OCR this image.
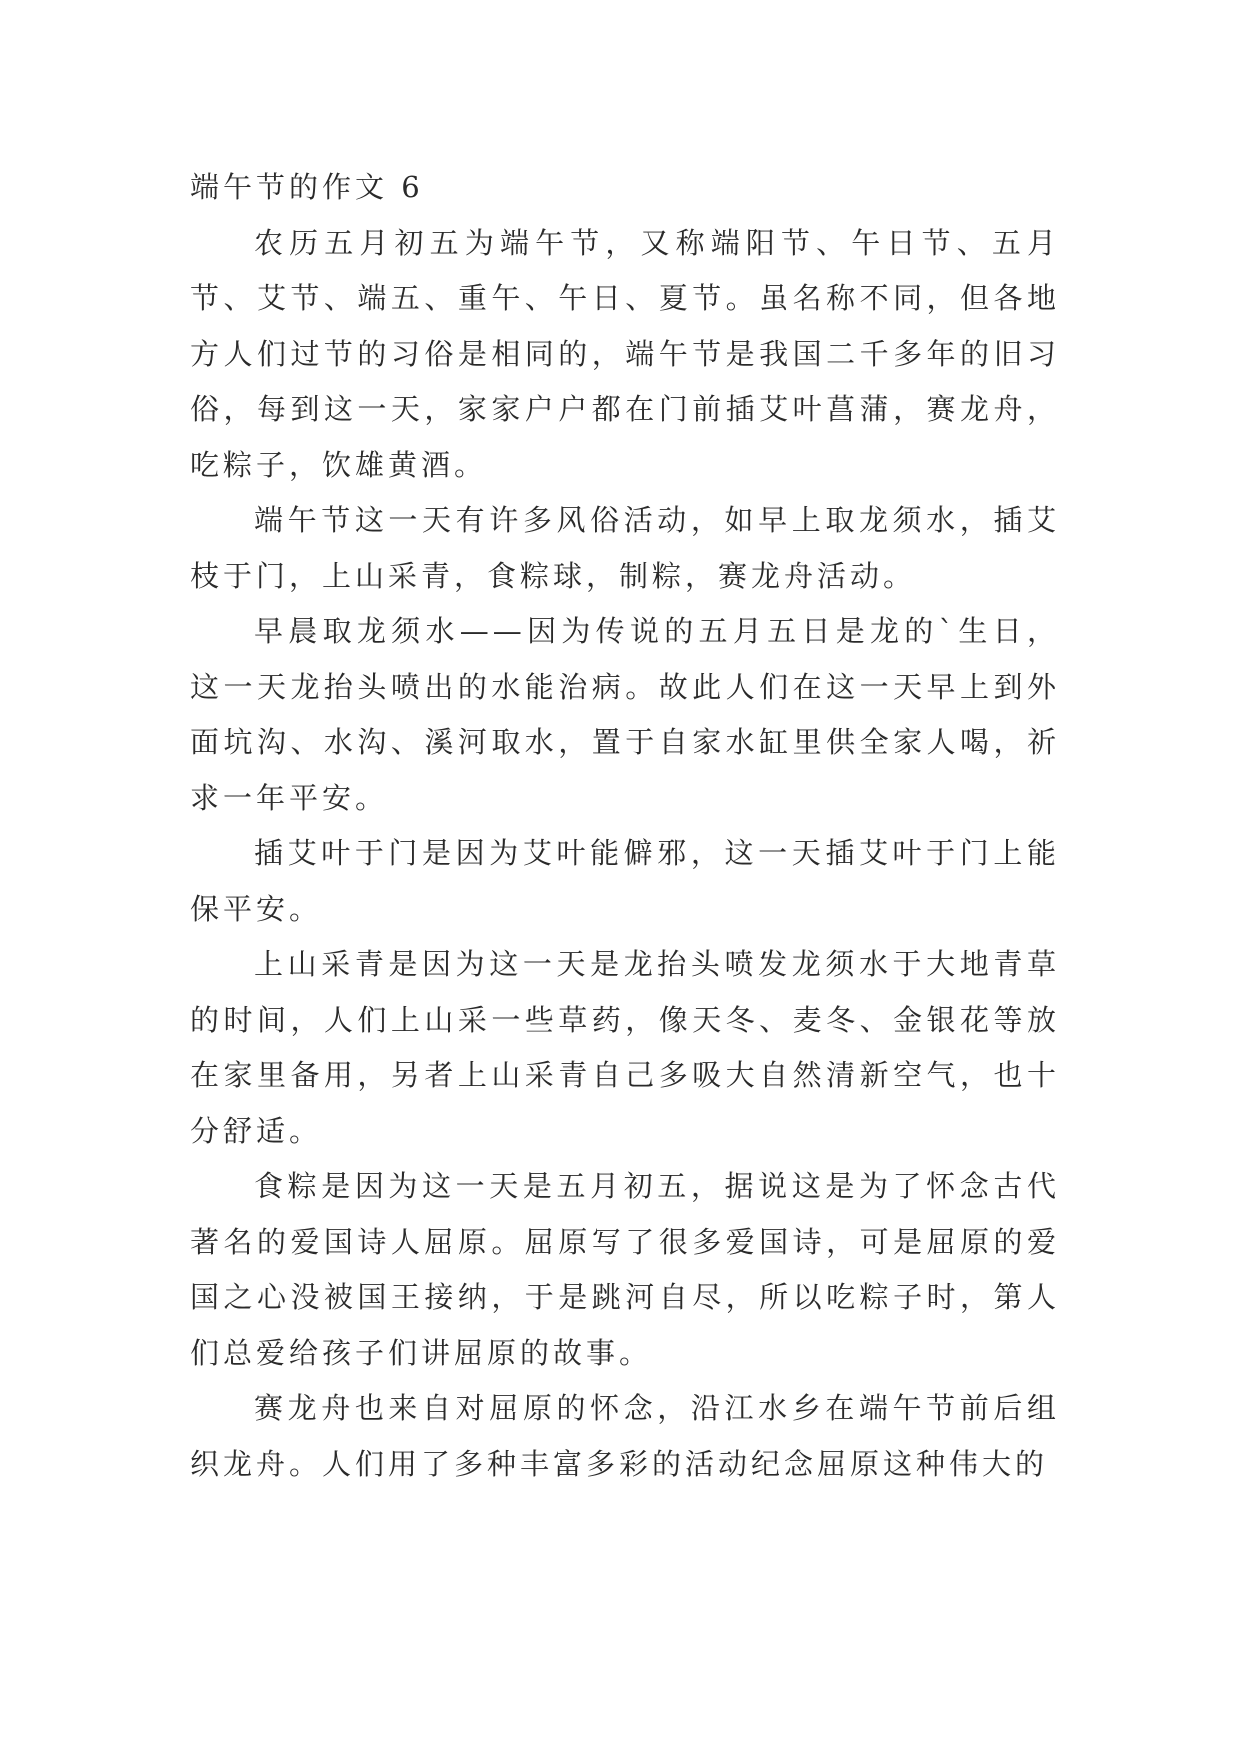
端午节的作文 6

农历五月初五为端午节，又称端阳节、午日节、五月节、艾节、端五、重午、午日、夏节。虽名称不同，但各地方人们过节的习俗是相同的，端午节是我国二千多年的旧习俗，每到这一天，家家户户都在门前插艾叶菖蒲，赛龙舟，吃粽子，饮雄黄酒。

端午节这一天有许多风俗活动，如早上取龙须水，插艾枝于门，上山采青，食粽球，制粽，赛龙舟活动。

早晨取龙须水——因为传说的五月五日是龙的`生日，这一天龙抬头喷出的水能治病。故此人们在这一天早上到外面坑沟、水沟、溪河取水，置于自家水缸里供全家人喝，祈求一年平安。

插艾叶于门是因为艾叶能僻邪，这一天插艾叶于门上能保平安。

上山采青是因为这一天是龙抬头喷发龙须水于大地青草的时间，人们上山采一些草药，像天冬、麦冬、金银花等放在家里备用，另者上山采青自己多吸大自然清新空气，也十分舒适。

食粽是因为这一天是五月初五，据说这是为了怀念古代著名的爱国诗人屈原。屈原写了很多爱国诗，可是屈原的爱国之心没被国王接纳，于是跳河自尽，所以吃粽子时，第人们总爱给孩子们讲屈原的故事。

赛龙舟也来自对屈原的怀念，沿江水乡在端午节前后组织龙舟。人们用了多种丰富多彩的活动纪念屈原这种伟大的
